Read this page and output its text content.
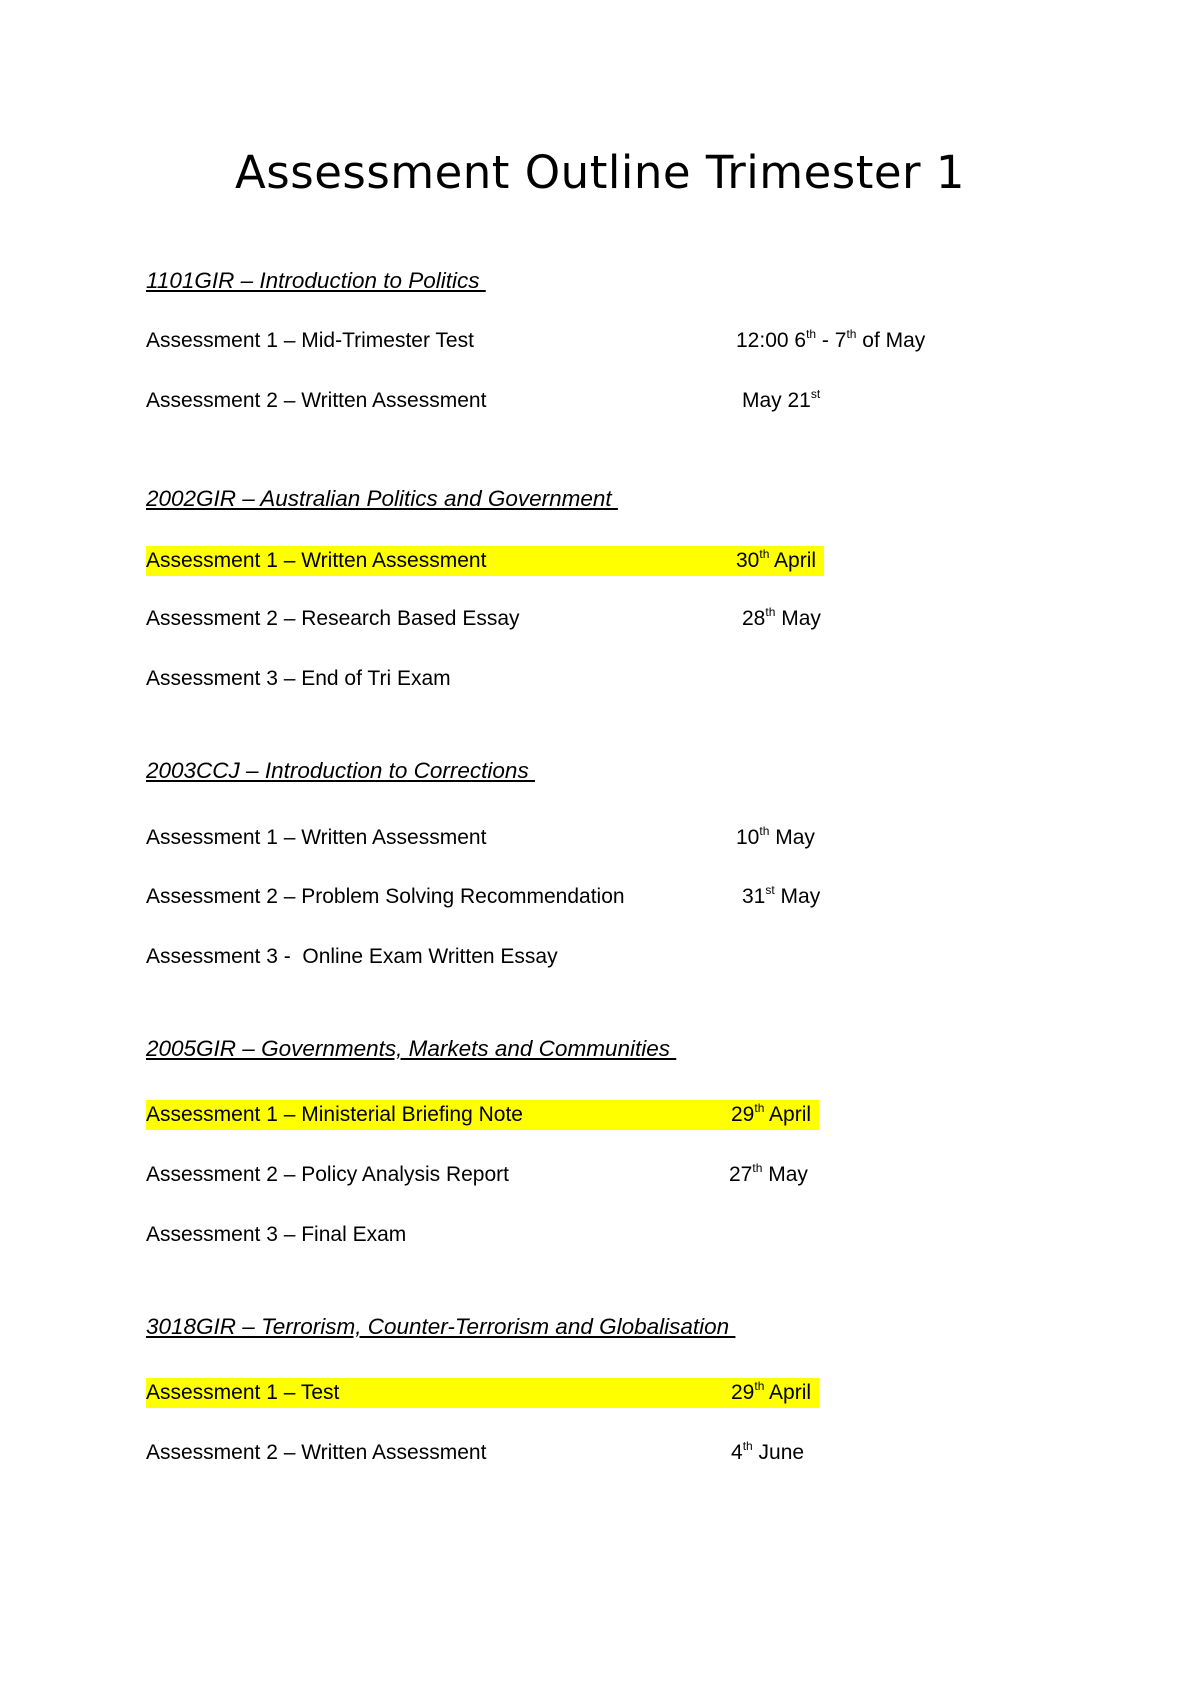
Assessment Outline Trimester 1
1101GIR – Introduction to Politics
Assessment 1 – Mid-Trimester Test	12:00 6th - 7th of May
Assessment 2 – Written Assessment	May 21st
2002GIR – Australian Politics and Government
Assessment 1 – Written Assessment	30th April
Assessment 2 – Research Based Essay	28th May
Assessment 3 – End of Tri Exam
2003CCJ – Introduction to Corrections
Assessment 1 – Written Assessment	10th May
Assessment 2 – Problem Solving Recommendation	31st May
Assessment 3 -  Online Exam Written Essay
2005GIR – Governments, Markets and Communities
Assessment 1 – Ministerial Briefing Note	29th April
Assessment 2 – Policy Analysis Report	27th May
Assessment 3 – Final Exam
3018GIR – Terrorism, Counter-Terrorism and Globalisation
Assessment 1 – Test	29th April
Assessment 2 – Written Assessment	4th June
